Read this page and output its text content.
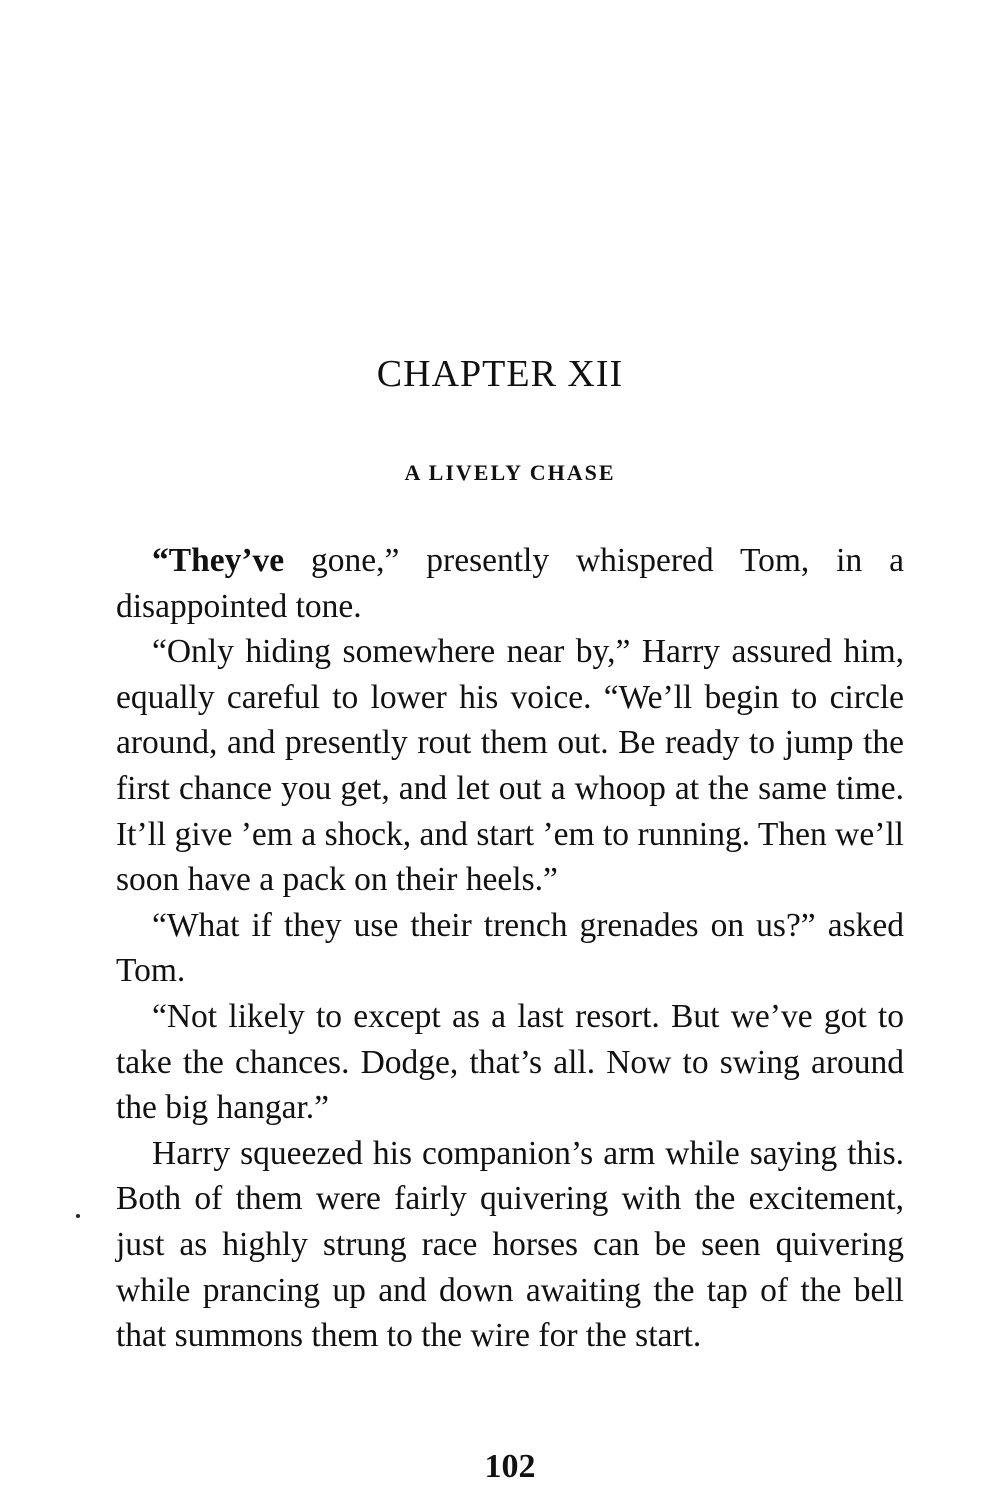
CHAPTER XII
A LIVELY CHASE

“They’ve gone,” presently whispered Tom, in a disappointed tone.

“Only hiding somewhere near by,” Harry assured him, equally careful to lower his voice. “We’ll begin to circle around, and presently rout them out. Be ready to jump the first chance you get, and let out a whoop at the same time. It’ll give ’em a shock, and start ’em to running. Then we’ll soon have a pack on their heels.”

“What if they use their trench grenades on us?” asked Tom.

“Not likely to except as a last resort. But we’ve got to take the chances. Dodge, that’s all. Now to swing around the big hangar.”

Harry squeezed his companion’s arm while saying this. Both of them were fairly quivering with the excitement, just as highly strung race horses can be seen quivering while prancing up and down awaiting the tap of the bell that summons them to the wire for the start.

102
